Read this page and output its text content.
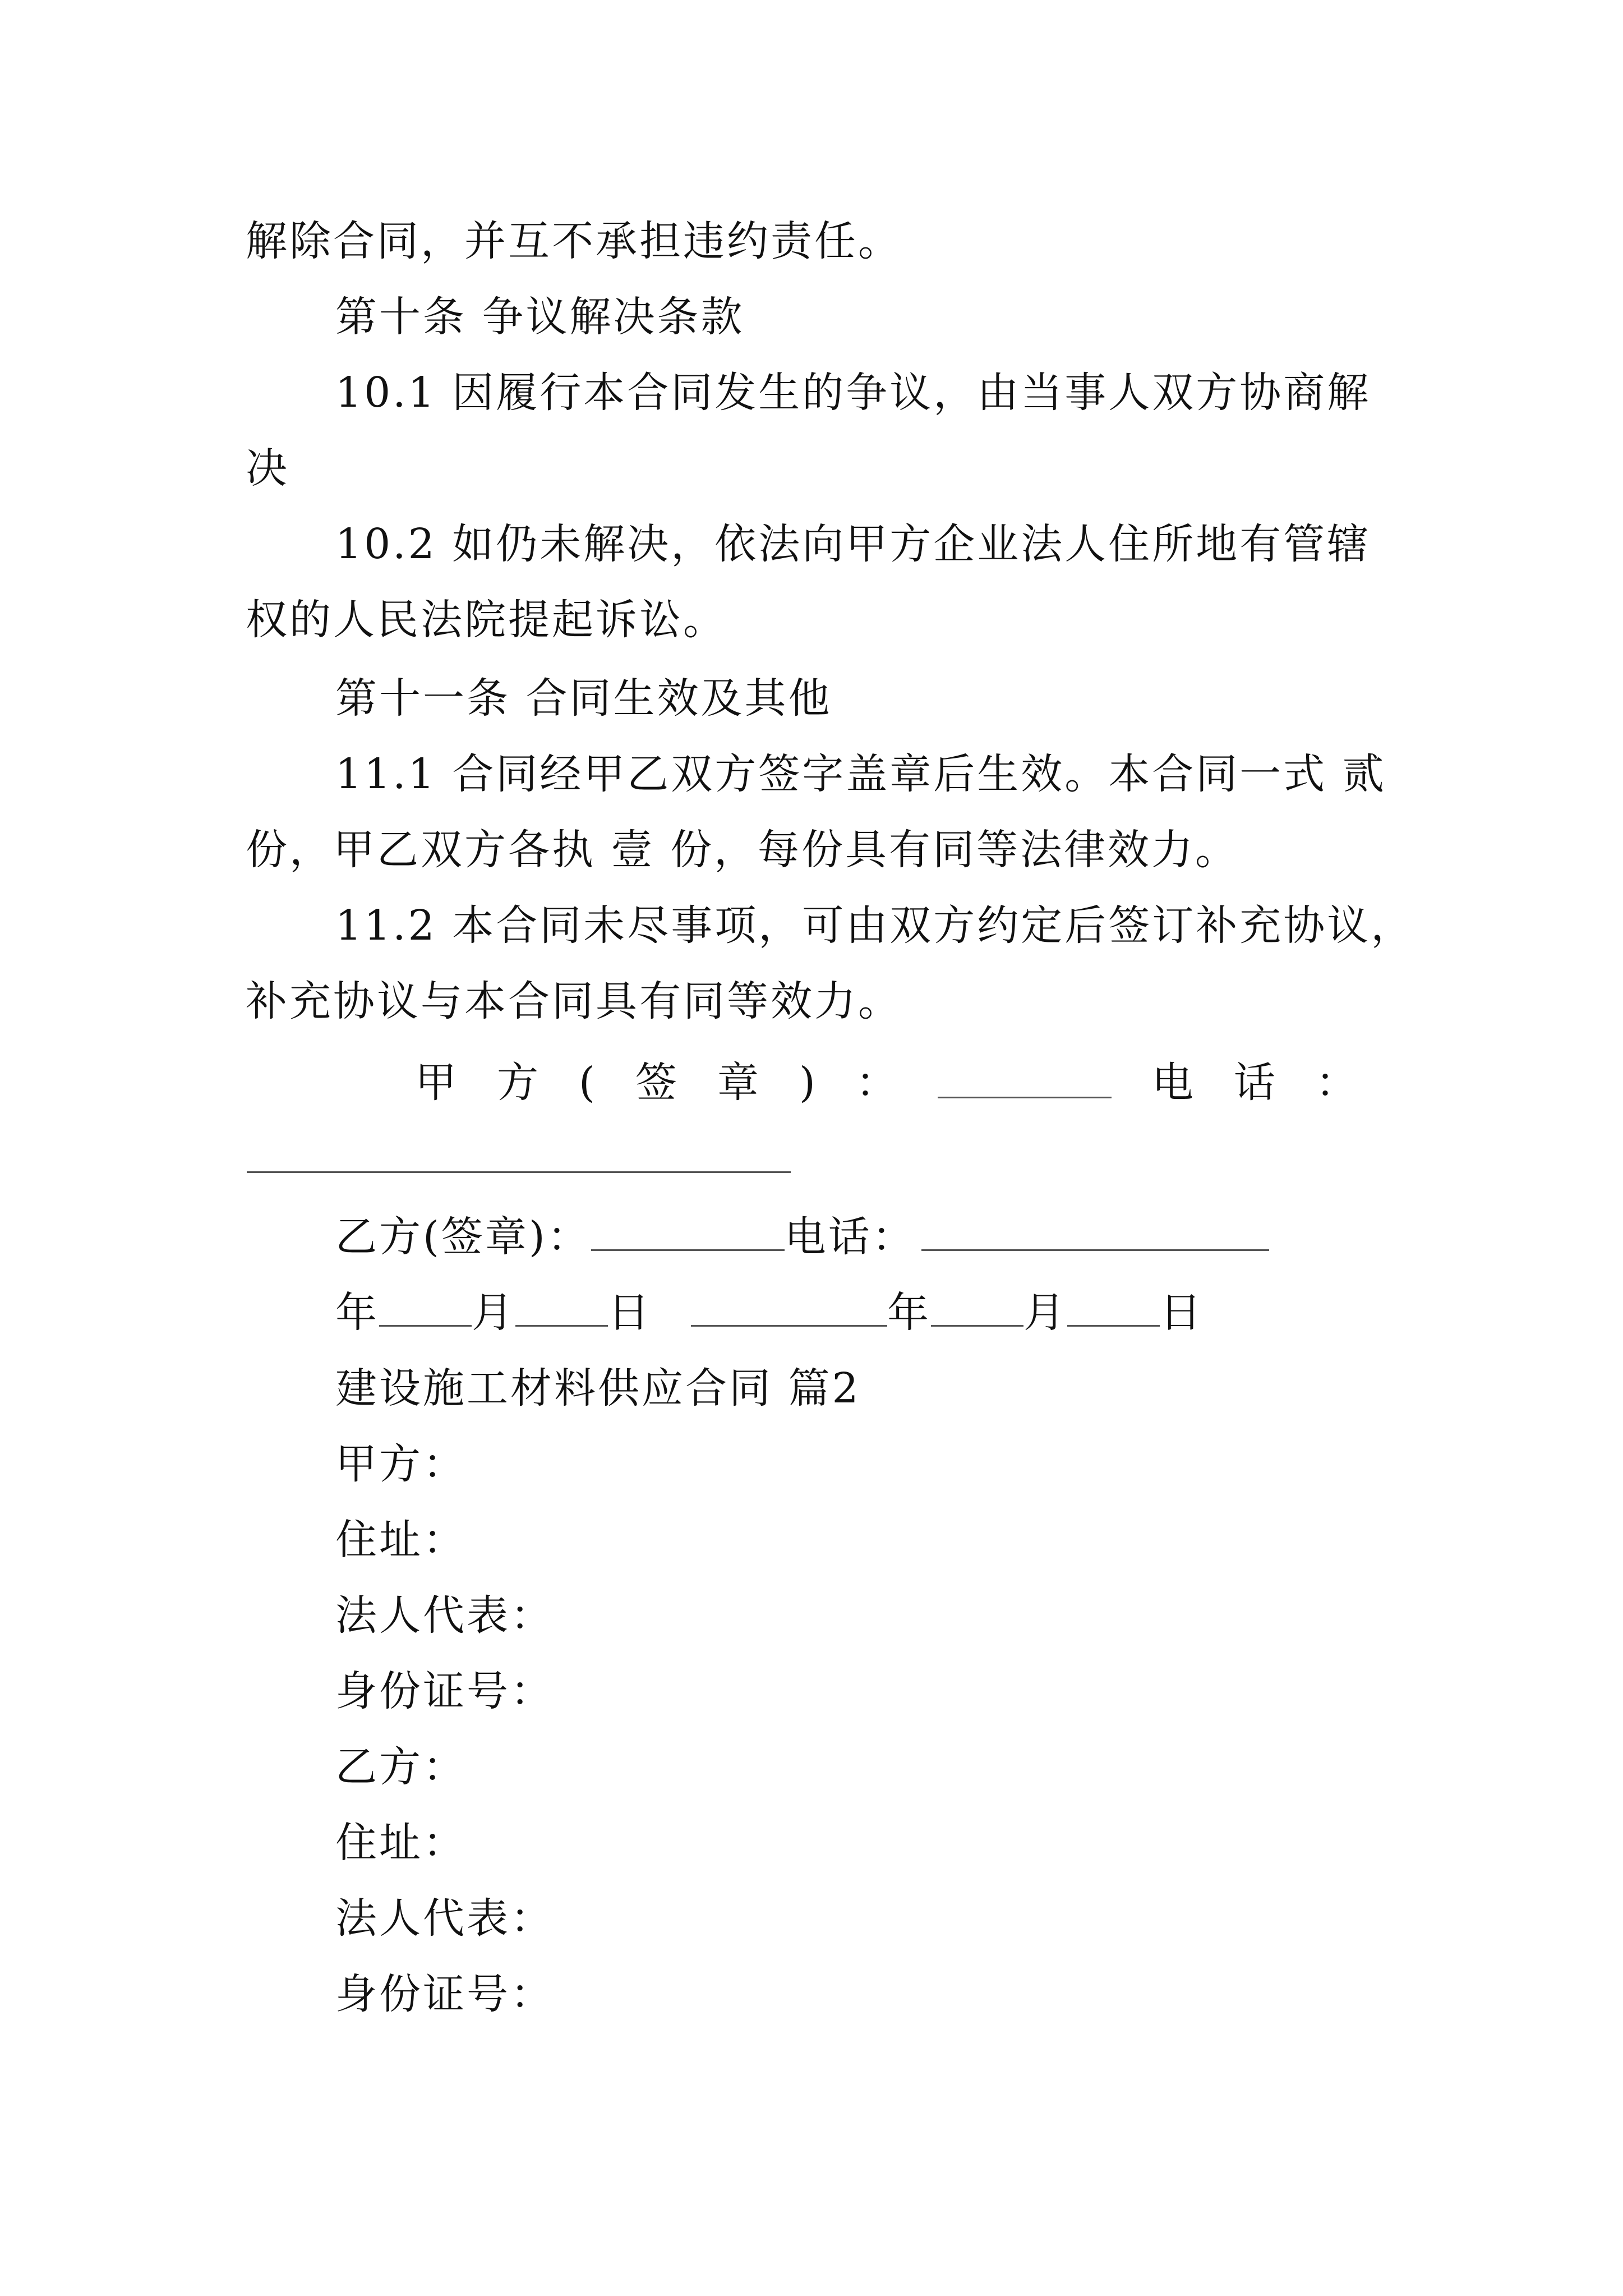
解除合同，并互不承担违约责任。
第十条 争议解决条款
10.1 因履行本合同发生的争议，由当事人双方协商解
决
10.2 如仍未解决，依法向甲方企业法人住所地有管辖
权的人民法院提起诉讼。
第十一条 合同生效及其他
11.1 合同经甲乙双方签字盖章后生效。本合同一式 贰
份，甲乙双方各执 壹 份，每份具有同等法律效力。
11.2 本合同未尽事项，可由双方约定后签订补充协议，
补充协议与本合同具有同等效力。
甲 方 ( 签 章 ) ：	电 话 ：
乙方(签章)：	电话：
年 月 日	年 月 日
建设施工材料供应合同 篇2
甲方：
住址：
法人代表：
身份证号：
乙方：
住址：
法人代表：
身份证号：
